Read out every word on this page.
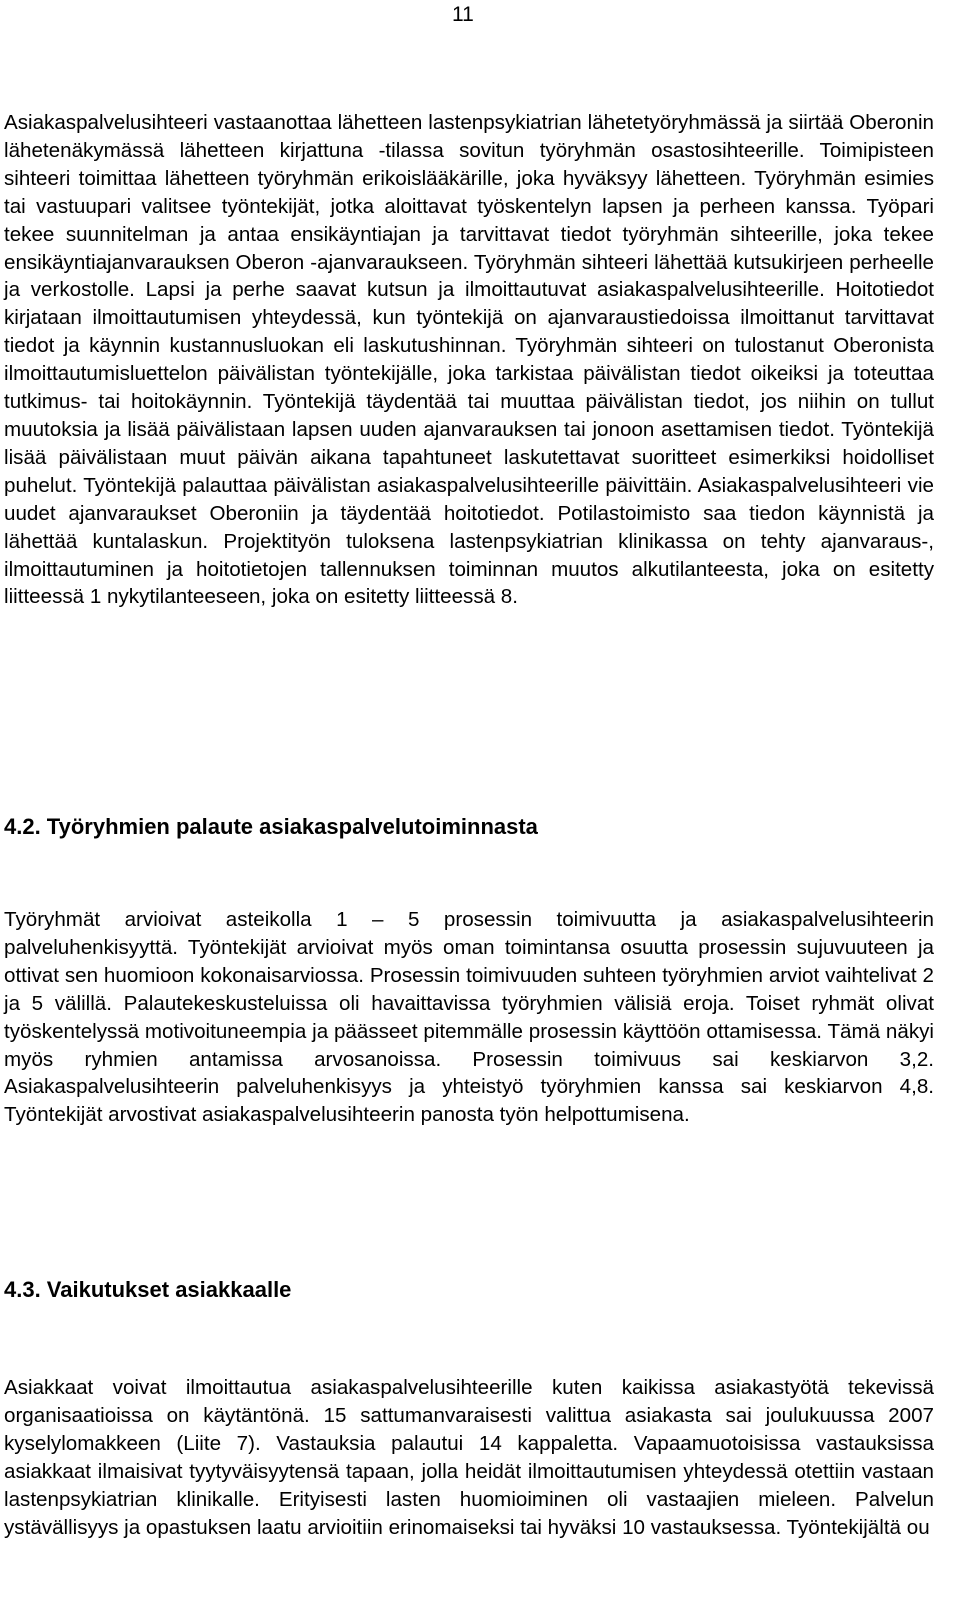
11

Asiakaspalvelusihteeri vastaanottaa lähetteen lastenpsykiatrian lähetetyöryhmässä ja siirtää Oberonin lähetenäkymässä lähetteen kirjattuna -tilassa sovitun työryhmän osastosihteerille. Toimipisteen sihteeri toimittaa lähetteen työryhmän erikoislääkärille, joka hyväksyy lähetteen. Työryhmän esimies tai vastuupari valitsee työntekijät, jotka aloittavat työskentelyn lapsen ja perheen kanssa. Työpari tekee suunnitelman ja antaa ensikäyntiajan ja tarvittavat tiedot työryhmän sihteerille, joka tekee ensikäyntiajanvarauksen Oberon -ajanvaraukseen. Työryhmän sihteeri lähettää kutsukirjeen perheelle ja verkostolle. Lapsi ja perhe saavat kutsun ja ilmoittautuvat asiakaspalvelusihteerille. Hoitotiedot kirjataan ilmoittautumisen yhteydessä, kun työntekijä on ajanvaraustiedoissa ilmoittanut tarvittavat tiedot ja käynnin kustannusluokan eli laskutushinnan. Työryhmän sihteeri on tulostanut Oberonista ilmoittautumisluettelon päivälistan työntekijälle, joka tarkistaa päivälistan tiedot oikeiksi ja toteuttaa tutkimus- tai hoitokäynnin. Työntekijä täydentää tai muuttaa päivälistan tiedot, jos niihin on tullut muutoksia ja lisää päivälistaan lapsen uuden ajanvarauksen tai jonoon asettamisen tiedot. Työntekijä lisää päivälistaan muut päivän aikana tapahtuneet laskutettavat suoritteet esimerkiksi hoidolliset puhelut. Työntekijä palauttaa päivälistan asiakaspalvelusihteerille päivittäin. Asiakaspalvelusihteeri vie uudet ajanvaraukset Oberoniin ja täydentää hoitotiedot. Potilastoimisto saa tiedon käynnistä ja lähettää kuntalaskun. Projektityön tuloksena lastenpsykiatrian klinikassa on tehty ajanvaraus-, ilmoittautuminen ja hoitotietojen tallennuksen toiminnan muutos alkutilanteesta, joka on esitetty liitteessä 1 nykytilanteeseen, joka on esitetty liitteessä 8.

4.2. Työryhmien palaute asiakaspalvelutoiminnasta

Työryhmät arvioivat asteikolla 1 – 5 prosessin toimivuutta ja asiakaspalvelusihteerin palveluhenkisyyttä. Työntekijät arvioivat myös oman toimintansa osuutta prosessin sujuvuuteen ja ottivat sen huomioon kokonaisarviossa. Prosessin toimivuuden suhteen työryhmien arviot vaihtelivat 2 ja 5 välillä. Palautekeskusteluissa oli havaittavissa työryhmien välisiä eroja. Toiset ryhmät olivat työskentelyssä motivoituneempia ja päässeet pitemmälle prosessin käyttöön ottamisessa. Tämä näkyi myös ryhmien antamissa arvosanoissa. Prosessin toimivuus sai keskiarvon 3,2. Asiakaspalvelusihteerin palveluhenkisyys ja yhteistyö työryhmien kanssa sai keskiarvon 4,8. Työntekijät arvostivat asiakaspalvelusihteerin panosta työn helpottumisena.

4.3. Vaikutukset asiakkaalle

Asiakkaat voivat ilmoittautua asiakaspalvelusihteerille kuten kaikissa asiakastyötä tekevissä organisaatioissa on käytäntönä. 15 sattumanvaraisesti valittua asiakasta sai joulukuussa 2007 kyselylomakkeen (Liite 7). Vastauksia palautui 14 kappaletta. Vapaamuotoisissa vastauksissa asiakkaat ilmaisivat tyytyväisyytensä tapaan, jolla heidät ilmoittautumisen yhteydessä otettiin vastaan lastenpsykiatrian klinikalle. Erityisesti lasten huomioiminen oli vastaajien mieleen. Palvelun ystävällisyys ja opastuksen laatu arvioitiin erinomaiseksi tai hyväksi 10 vastauksessa. Työntekijältä ou
